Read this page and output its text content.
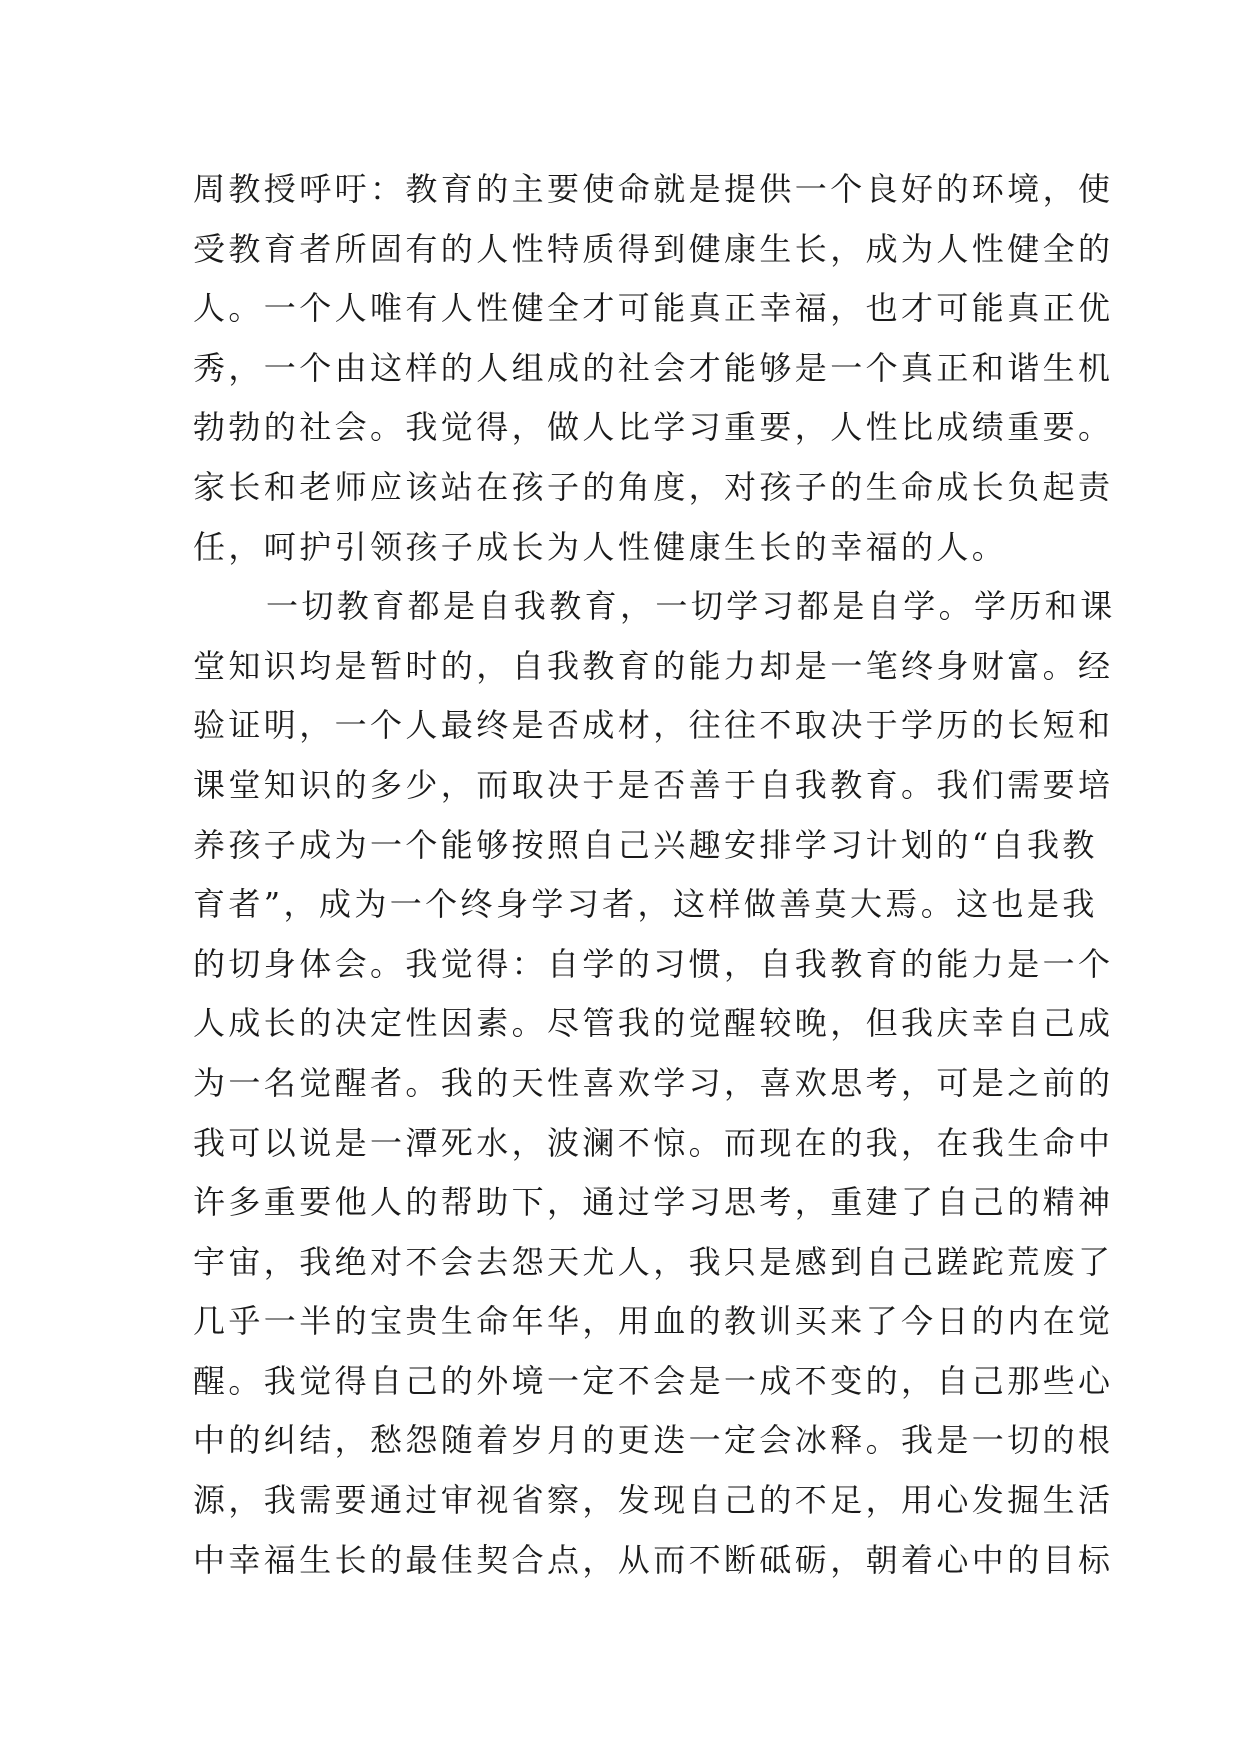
周教授呼吁：教育的主要使命就是提供一个良好的环境，使
受教育者所固有的人性特质得到健康生长，成为人性健全的
人。一个人唯有人性健全才可能真正幸福，也才可能真正优
秀，一个由这样的人组成的社会才能够是一个真正和谐生机
勃勃的社会。我觉得，做人比学习重要，人性比成绩重要。
家长和老师应该站在孩子的角度，对孩子的生命成长负起责
任，呵护引领孩子成长为人性健康生长的幸福的人。
一切教育都是自我教育，一切学习都是自学。学历和课
堂知识均是暂时的，自我教育的能力却是一笔终身财富。经
验证明，一个人最终是否成材，往往不取决于学历的长短和
课堂知识的多少，而取决于是否善于自我教育。我们需要培
养孩子成为一个能够按照自己兴趣安排学习计划的“自我教
育者”，成为一个终身学习者，这样做善莫大焉。这也是我
的切身体会。我觉得：自学的习惯，自我教育的能力是一个
人成长的决定性因素。尽管我的觉醒较晚，但我庆幸自己成
为一名觉醒者。我的天性喜欢学习，喜欢思考，可是之前的
我可以说是一潭死水，波澜不惊。而现在的我，在我生命中
许多重要他人的帮助下，通过学习思考，重建了自己的精神
宇宙，我绝对不会去怨天尤人，我只是感到自己蹉跎荒废了
几乎一半的宝贵生命年华，用血的教训买来了今日的内在觉
醒。我觉得自己的外境一定不会是一成不变的，自己那些心
中的纠结，愁怨随着岁月的更迭一定会冰释。我是一切的根
源，我需要通过审视省察，发现自己的不足，用心发掘生活
中幸福生长的最佳契合点，从而不断砥砺，朝着心中的目标
